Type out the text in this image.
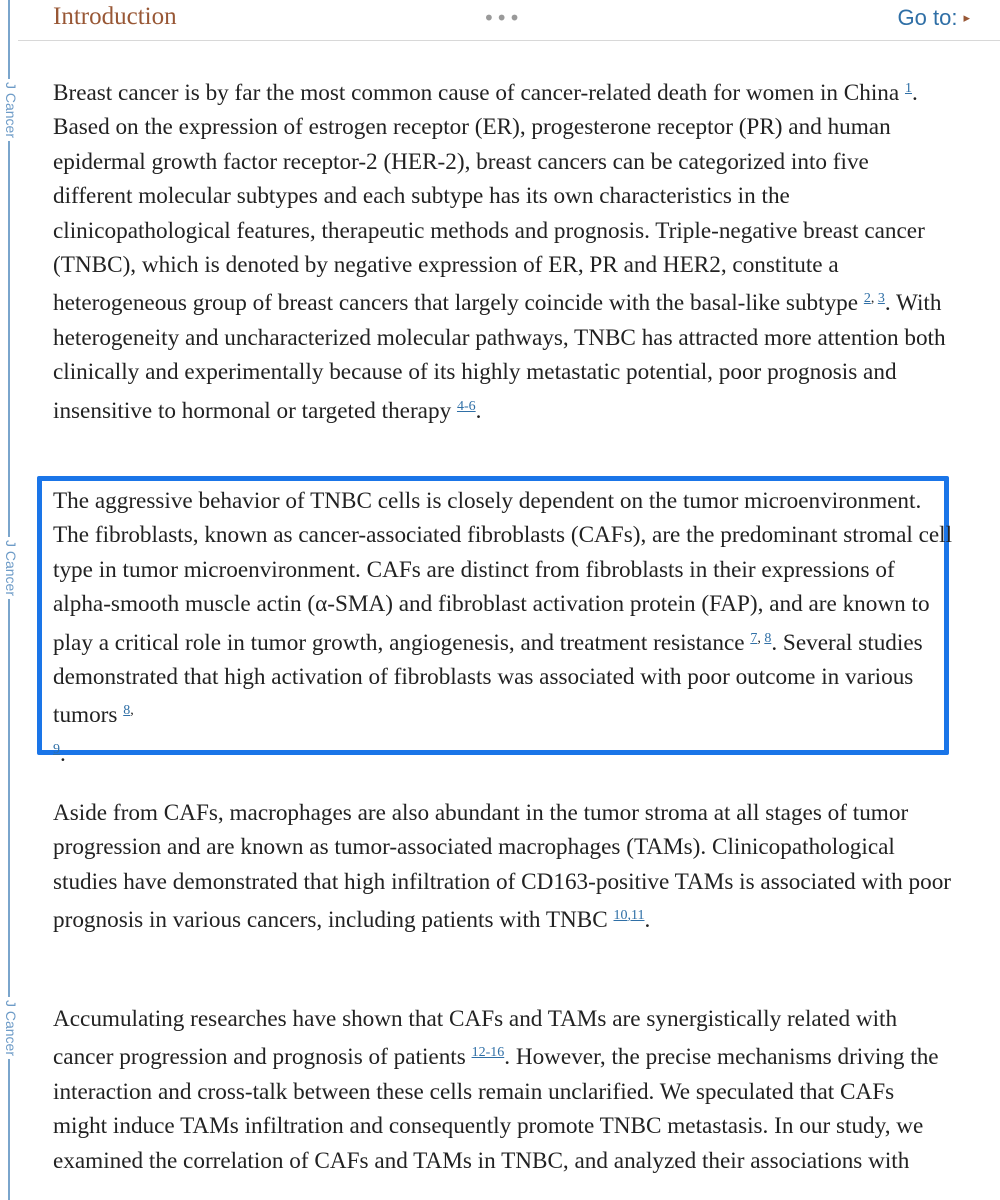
Introduction	•••	Go to: ▸
J Cancer
J Cancer
J Cancer

Breast cancer is by far the most common cause of cancer-related death for women in China $^1$. Based on the expression of estrogen receptor (ER), progesterone receptor (PR) and human epidermal growth factor receptor-2 (HER-2), breast cancers can be categorized into five different molecular subtypes and each subtype has its own characteristics in the clinicopathological features, therapeutic methods and prognosis. Triple-negative breast cancer (TNBC), which is denoted by negative expression of ER, PR and HER2, constitute a heterogeneous group of breast cancers that largely coincide with the basal-like subtype $^{2,}$ $^3$. With heterogeneity and uncharacterized molecular pathways, TNBC has attracted more attention both clinically and experimentally because of its highly metastatic potential, poor prognosis and insensitive to hormonal or targeted therapy $^{4-6}$.

The aggressive behavior of TNBC cells is closely dependent on the tumor microenvironment. The fibroblasts, known as cancer-associated fibroblasts (CAFs), are the predominant stromal cell type in tumor microenvironment. CAFs are distinct from fibroblasts in their expressions of alpha-smooth muscle actin (α-SMA) and fibroblast activation protein (FAP), and are known to play a critical role in tumor growth, angiogenesis, and treatment resistance $^{7,}$ $^8$. Several studies demonstrated that high activation of fibroblasts was associated with poor outcome in various tumors $^{8,}$
$^9$.

Aside from CAFs, macrophages are also abundant in the tumor stroma at all stages of tumor progression and are known as tumor-associated macrophages (TAMs). Clinicopathological studies have demonstrated that high infiltration of CD163-positive TAMs is associated with poor prognosis in various cancers, including patients with TNBC $^{10,11}$.

Accumulating researches have shown that CAFs and TAMs are synergistically related with cancer progression and prognosis of patients $^{12-16}$. However, the precise mechanisms driving the interaction and cross-talk between these cells remain unclarified. We speculated that CAFs might induce TAMs infiltration and consequently promote TNBC metastasis. In our study, we examined the correlation of CAFs and TAMs in TNBC, and analyzed their associations with
